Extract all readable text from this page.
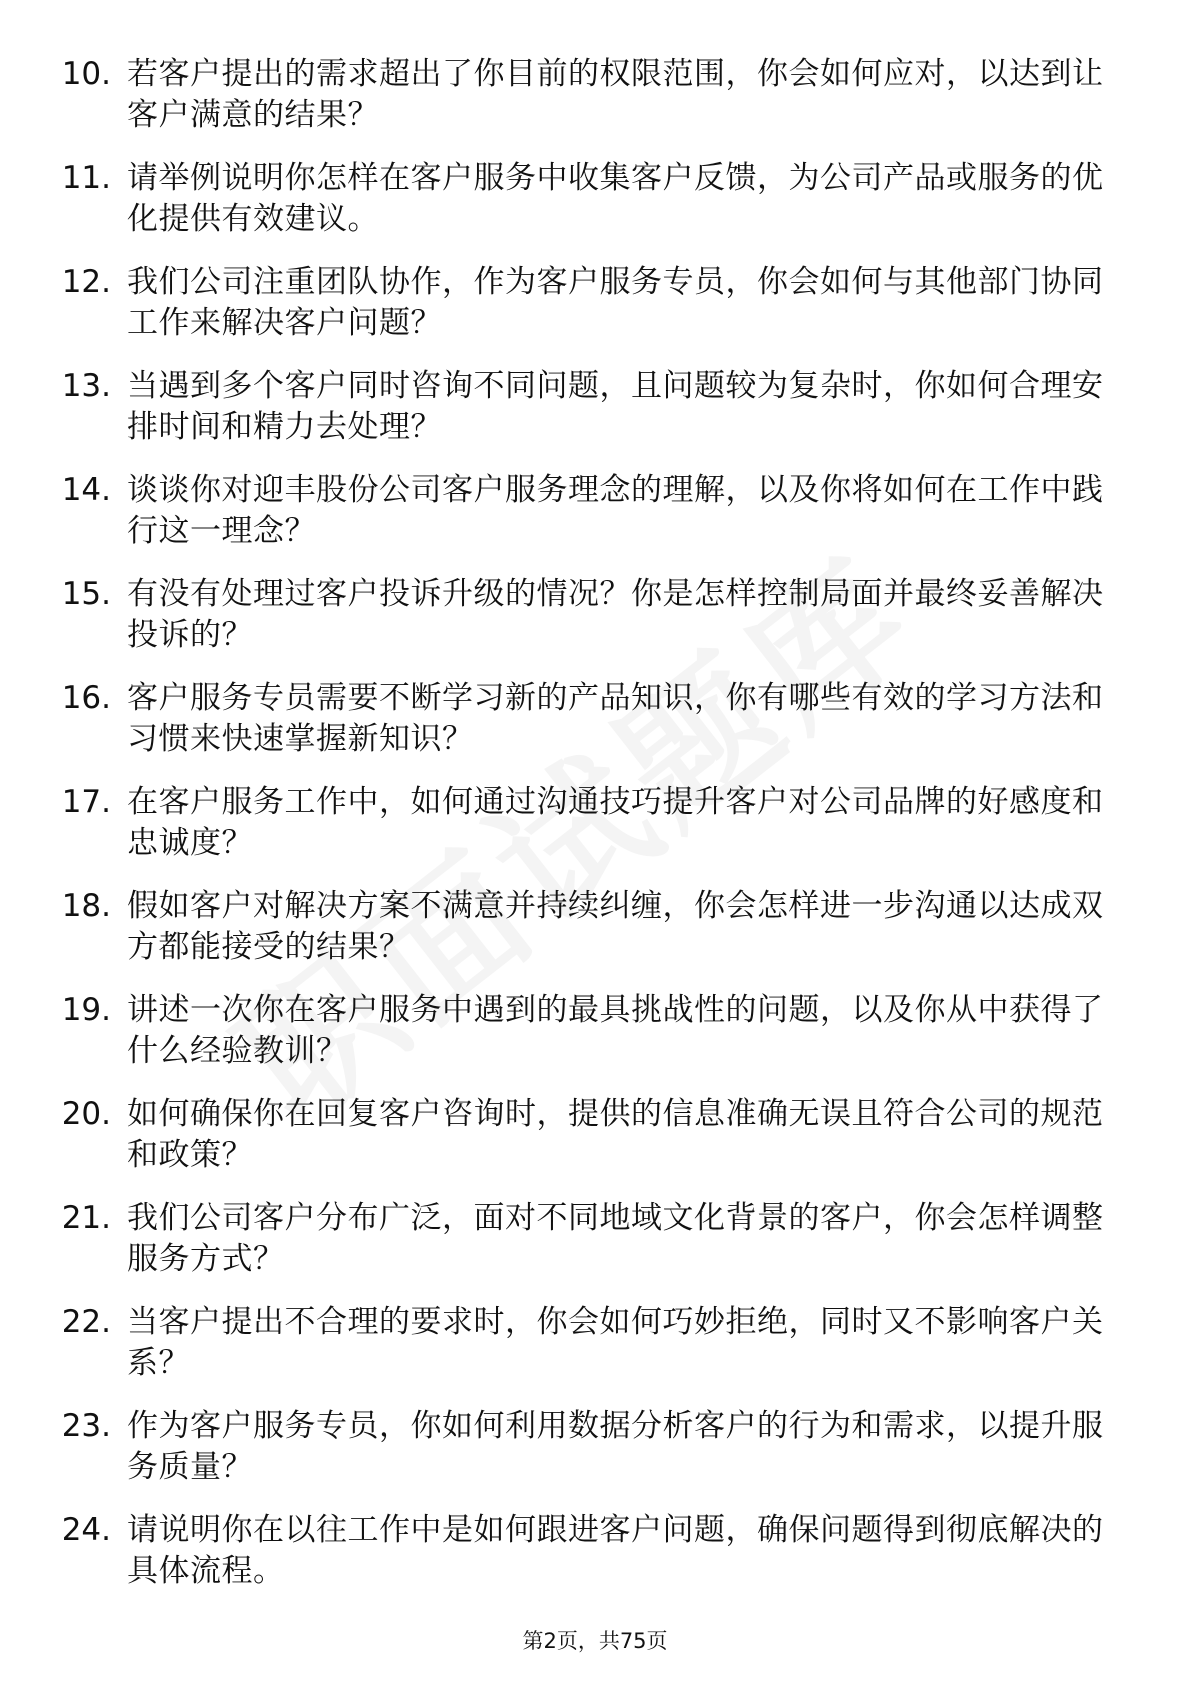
10. 若客户提出的需求超出了你目前的权限范围，你会如何应对，以达到让客户满意的结果？
11. 请举例说明你怎样在客户服务中收集客户反馈，为公司产品或服务的优化提供有效建议。
12. 我们公司注重团队协作，作为客户服务专员，你会如何与其他部门协同工作来解决客户问题？
13. 当遇到多个客户同时咨询不同问题，且问题较为复杂时，你如何合理安排时间和精力去处理？
14. 谈谈你对迎丰股份公司客户服务理念的理解，以及你将如何在工作中践行这一理念？
15. 有没有处理过客户投诉升级的情况？你是怎样控制局面并最终妥善解决投诉的？
16. 客户服务专员需要不断学习新的产品知识，你有哪些有效的学习方法和习惯来快速掌握新知识？
17. 在客户服务工作中，如何通过沟通技巧提升客户对公司品牌的好感度和忠诚度？
18. 假如客户对解决方案不满意并持续纠缠，你会怎样进一步沟通以达成双方都能接受的结果？
19. 讲述一次你在客户服务中遇到的最具挑战性的问题，以及你从中获得了什么经验教训？
20. 如何确保你在回复客户咨询时，提供的信息准确无误且符合公司的规范和政策？
21. 我们公司客户分布广泛，面对不同地域文化背景的客户，你会怎样调整服务方式？
22. 当客户提出不合理的要求时，你会如何巧妙拒绝，同时又不影响客户关系？
23. 作为客户服务专员，你如何利用数据分析客户的行为和需求，以提升服务质量？
24. 请说明你在以往工作中是如何跟进客户问题，确保问题得到彻底解决的具体流程。
第2页，共75页
